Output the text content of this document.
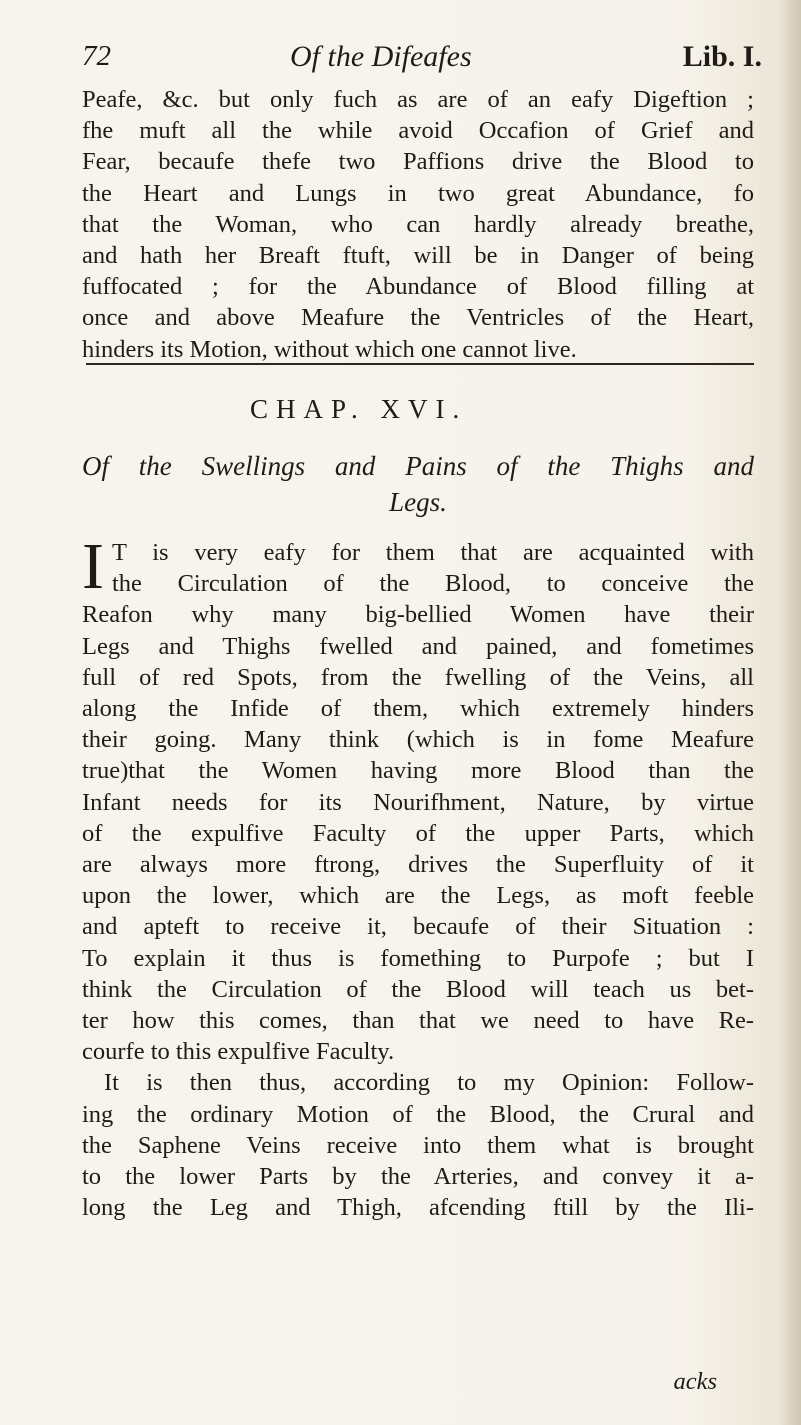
72	Of the Difeafes	Lib. I.
Peafe, &c. but only fuch as are of an eafy Digeftion ;
fhe muft all the while avoid Occafion of Grief and
Fear, becaufe thefe two Paffions drive the Blood to
the Heart and Lungs in two great Abundance, fo
that the Woman, who can hardly already breathe,
and hath her Breaft ftuft, will be in Danger of being
fuffocated ; for the Abundance of Blood filling at
once and above Meafure the Ventricles of the Heart,
hinders its Motion, without which one cannot live.
CHAP. XVI.
Of the Swellings and Pains of the Thighs and
Legs.
I T is very eafy for them that are acquainted with
the Circulation of the Blood, to conceive the
Reafon why many big-bellied Women have their
Legs and Thighs fwelled and pained, and fometimes
full of red Spots, from the fwelling of the Veins, all
along the Infide of them, which extremely hinders
their going. Many think (which is in fome Meafure
true)that the Women having more Blood than the
Infant needs for its Nourifhment, Nature, by virtue
of the expulfive Faculty of the upper Parts, which
are always more ftrong, drives the Superfluity of it
upon the lower, which are the Legs, as moft feeble
and apteft to receive it, becaufe of their Situation :
To explain it thus is fomething to Purpofe ; but I
think the Circulation of the Blood will teach us bet-
ter how this comes, than that we need to have Re-
courfe to this expulfive Faculty.
It is then thus, according to my Opinion: Follow-
ing the ordinary Motion of the Blood, the Crural and
the Saphene Veins receive into them what is brought
to the lower Parts by the Arteries, and convey it a-
long the Leg and Thigh, afcending ftill by the Ili-
acks
